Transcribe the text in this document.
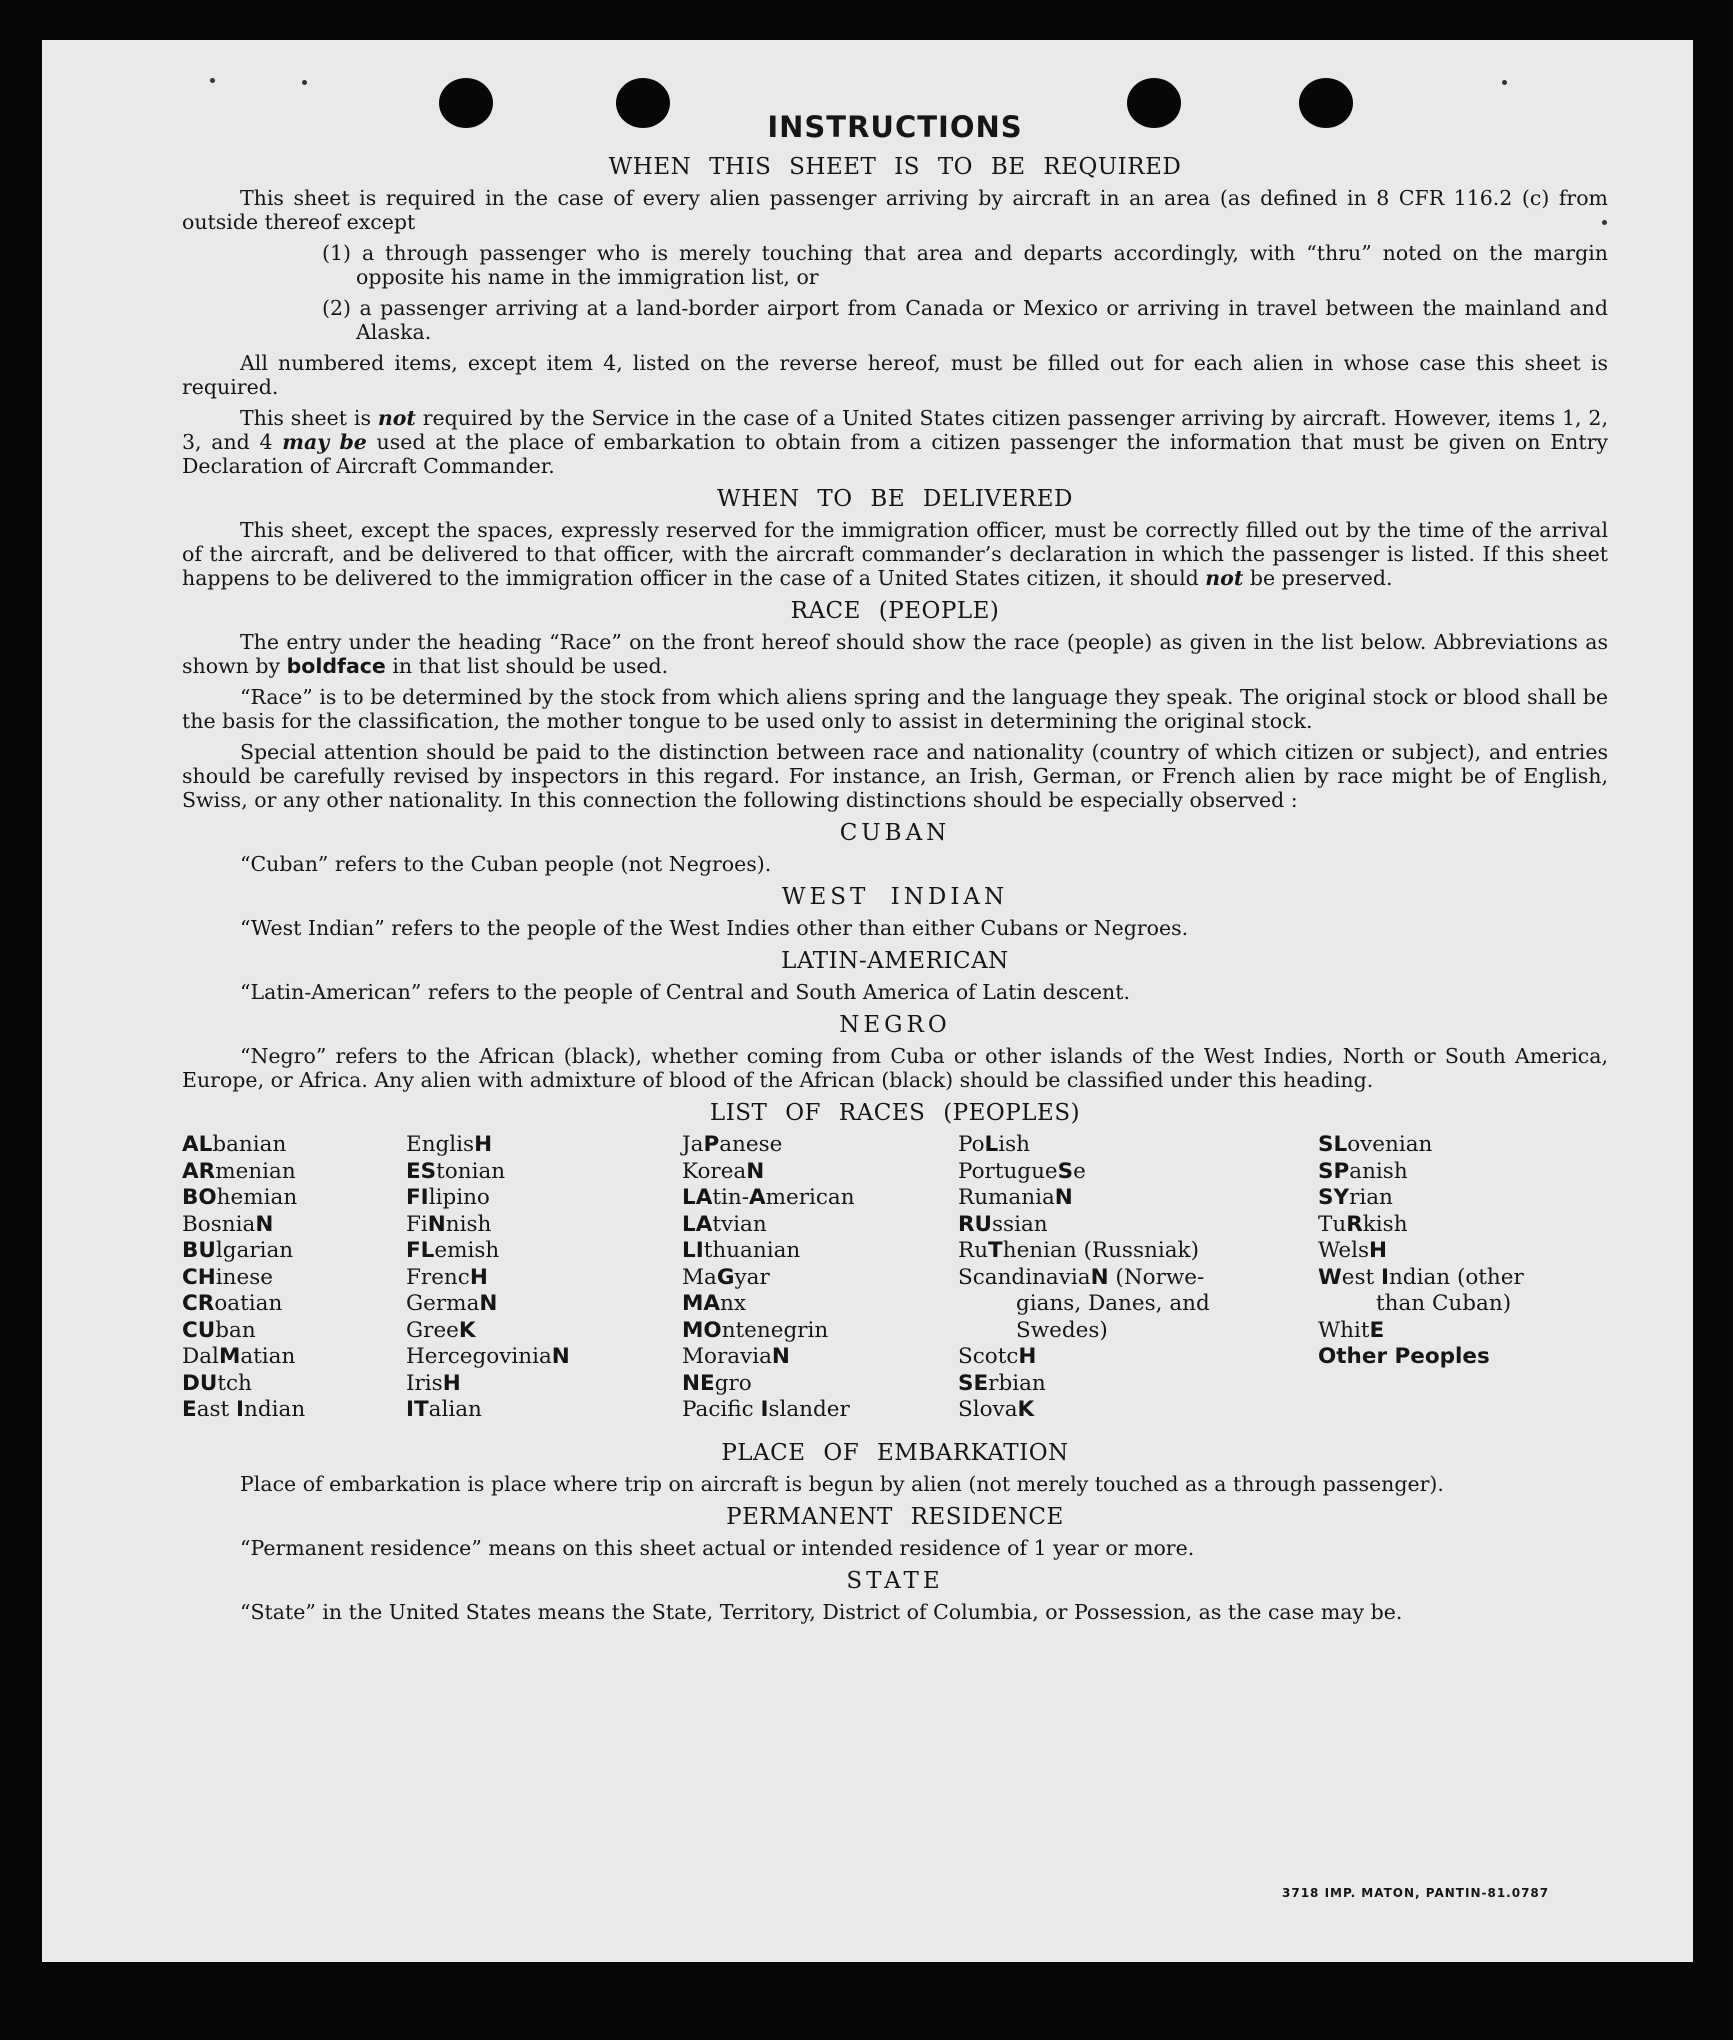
INSTRUCTIONS
WHEN THIS SHEET IS TO BE REQUIRED

This sheet is required in the case of every alien passenger arriving by aircraft in an area (as defined in 8 CFR 116.2 (c) from outside thereof except

(1) a through passenger who is merely touching that area and departs accordingly, with “thru” noted on the margin opposite his name in the immigration list, or

(2) a passenger arriving at a land-border airport from Canada or Mexico or arriving in travel between the mainland and Alaska.

All numbered items, except item 4, listed on the reverse hereof, must be filled out for each alien in whose case this sheet is required.

This sheet is not required by the Service in the case of a United States citizen passenger arriving by aircraft. However, items 1, 2, 3, and 4 may be used at the place of embarkation to obtain from a citizen passenger the information that must be given on Entry Declaration of Aircraft Commander.

WHEN TO BE DELIVERED

This sheet, except the spaces, expressly reserved for the immigration officer, must be correctly filled out by the time of the arrival of the aircraft, and be delivered to that officer, with the aircraft commander’s declaration in which the passenger is listed. If this sheet happens to be delivered to the immigration officer in the case of a United States citizen, it should not be preserved.

RACE (PEOPLE)

The entry under the heading “Race” on the front hereof should show the race (people) as given in the list below. Abbreviations as shown by boldface in that list should be used.

“Race” is to be determined by the stock from which aliens spring and the language they speak. The original stock or blood shall be the basis for the classification, the mother tongue to be used only to assist in determining the original stock.

Special attention should be paid to the distinction between race and nationality (country of which citizen or subject), and entries should be carefully revised by inspectors in this regard. For instance, an Irish, German, or French alien by race might be of English, Swiss, or any other nationality. In this connection the following distinctions should be especially observed :

CUBAN

“Cuban” refers to the Cuban people (not Negroes).

WEST INDIAN

“West Indian” refers to the people of the West Indies other than either Cubans or Negroes.

LATIN-AMERICAN

“Latin-American” refers to the people of Central and South America of Latin descent.

NEGRO

“Negro” refers to the African (black), whether coming from Cuba or other islands of the West Indies, North or South America, Europe, or Africa. Any alien with admixture of blood of the African (black) should be classified under this heading.

LIST OF RACES (PEOPLES)
ALbanian
ARmenian
BOhemian
BosniaN
BUlgarian
CHinese
CRoatian
CUban
DalMatian
DUtch
East Indian
EnglisH
EStonian
FIlipino
FiNnish
FLemish
FrencH
GermaN
GreeK
HercegoviniaN
IrisH
ITalian
JaPanese
KoreaN
LAtin-American
LAtvian
LIthuanian
MaGyar
MAnx
MOntenegrin
MoraviaN
NEgro
Pacific Islander
PoLish
PortugueSe
RumaniaN
RUssian
RuThenian (Russniak)
ScandinaviaN (Norwe-
gians, Danes, and
Swedes)
ScotcH
SErbian
SlovaK
SLovenian
SPanish
SYrian
TuRkish
WelsH
West Indian (other
than Cuban)
WhitE
Other Peoples
PLACE OF EMBARKATION

Place of embarkation is place where trip on aircraft is begun by alien (not merely touched as a through passenger).

PERMANENT RESIDENCE

“Permanent residence” means on this sheet actual or intended residence of 1 year or more.

STATE

“State” in the United States means the State, Territory, District of Columbia, or Possession, as the case may be.

3718 IMP. MATON, PANTIN-81.0787
